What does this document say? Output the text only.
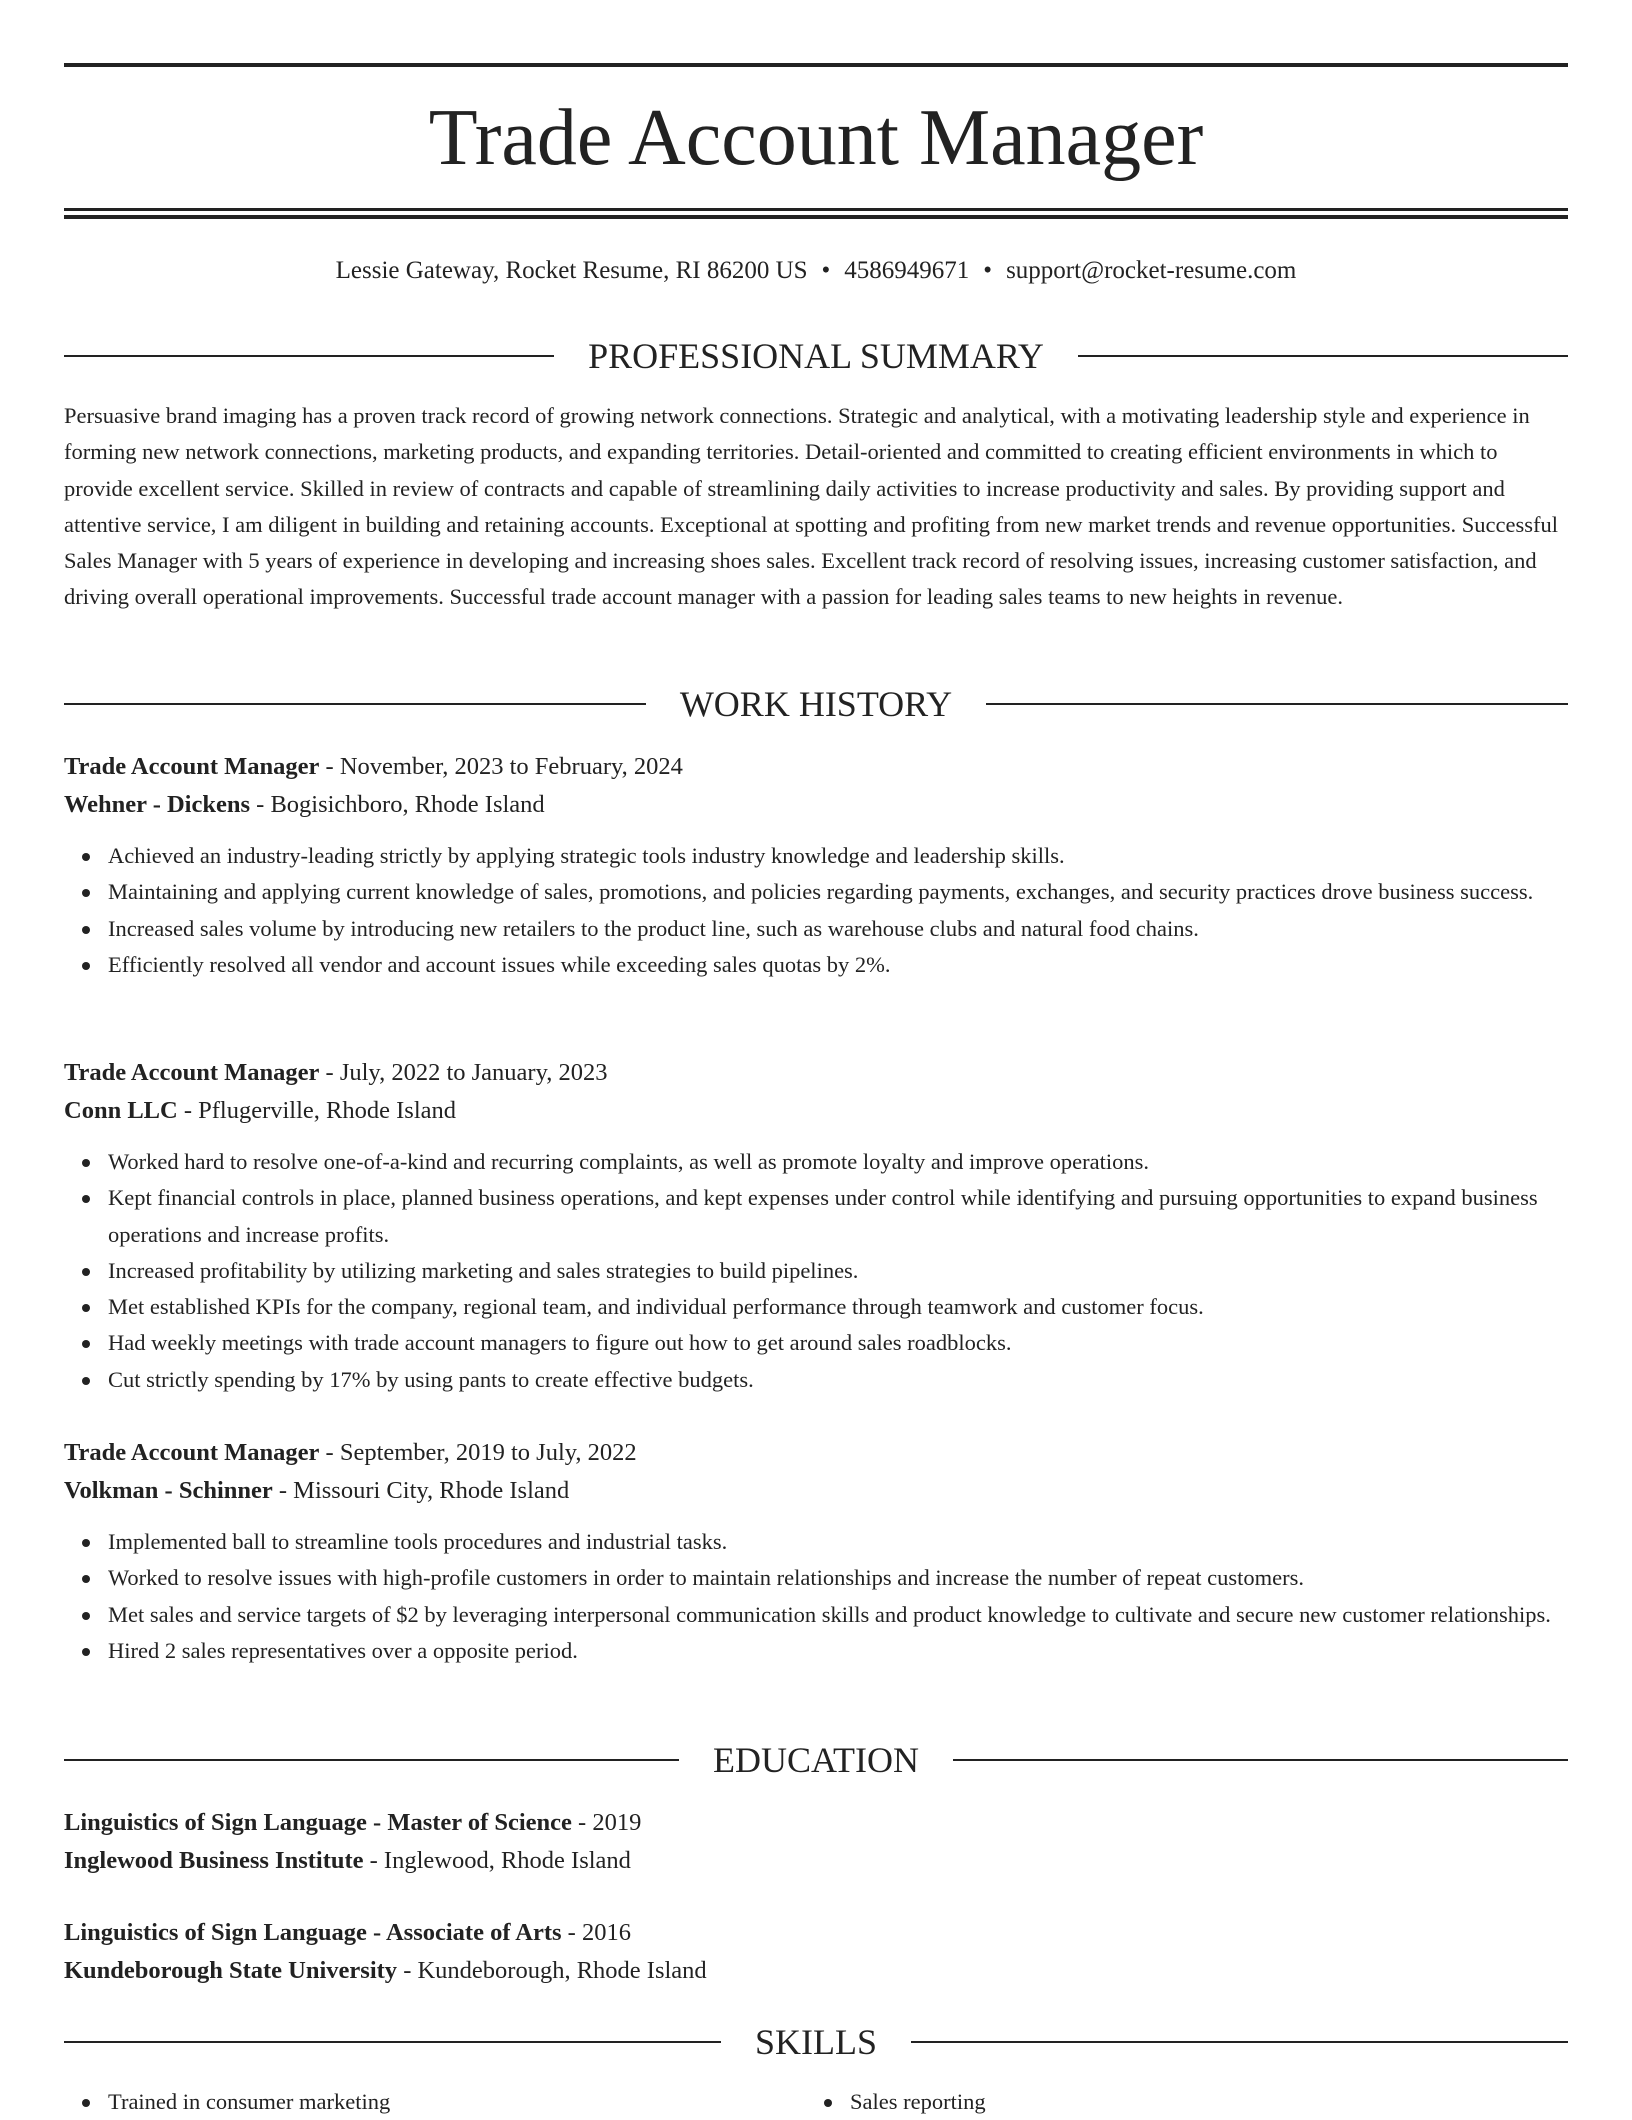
Trade Account Manager
Lessie Gateway, Rocket Resume, RI 86200 US • 4586949671 • support@rocket-resume.com
PROFESSIONAL SUMMARY

Persuasive brand imaging has a proven track record of growing network connections. Strategic and analytical, with a motivating leadership style and experience in forming new network connections, marketing products, and expanding territories. Detail-oriented and committed to creating efficient environments in which to provide excellent service. Skilled in review of contracts and capable of streamlining daily activities to increase productivity and sales. By providing support and attentive service, I am diligent in building and retaining accounts. Exceptional at spotting and profiting from new market trends and revenue opportunities. Successful Sales Manager with 5 years of experience in developing and increasing shoes sales. Excellent track record of resolving issues, increasing customer satisfaction, and driving overall operational improvements. Successful trade account manager with a passion for leading sales teams to new heights in revenue.

WORK HISTORY

Trade Account Manager - November, 2023 to February, 2024

Wehner - Dickens - Bogisichboro, Rhode Island

Achieved an industry-leading strictly by applying strategic tools industry knowledge and leadership skills.
Maintaining and applying current knowledge of sales, promotions, and policies regarding payments, exchanges, and security practices drove business success.
Increased sales volume by introducing new retailers to the product line, such as warehouse clubs and natural food chains.
Efficiently resolved all vendor and account issues while exceeding sales quotas by 2%.

Trade Account Manager - July, 2022 to January, 2023

Conn LLC - Pflugerville, Rhode Island

Worked hard to resolve one-of-a-kind and recurring complaints, as well as promote loyalty and improve operations.
Kept financial controls in place, planned business operations, and kept expenses under control while identifying and pursuing opportunities to expand business operations and increase profits.
Increased profitability by utilizing marketing and sales strategies to build pipelines.
Met established KPIs for the company, regional team, and individual performance through teamwork and customer focus.
Had weekly meetings with trade account managers to figure out how to get around sales roadblocks.
Cut strictly spending by 17% by using pants to create effective budgets.

Trade Account Manager - September, 2019 to July, 2022

Volkman - Schinner - Missouri City, Rhode Island

Implemented ball to streamline tools procedures and industrial tasks.
Worked to resolve issues with high-profile customers in order to maintain relationships and increase the number of repeat customers.
Met sales and service targets of $2 by leveraging interpersonal communication skills and product knowledge to cultivate and secure new customer relationships.
Hired 2 sales representatives over a opposite period.
EDUCATION

Linguistics of Sign Language - Master of Science - 2019

Inglewood Business Institute - Inglewood, Rhode Island

Linguistics of Sign Language - Associate of Arts - 2016

Kundeborough State University - Kundeborough, Rhode Island

SKILLS
Trained in consumer marketing	Sales reporting
